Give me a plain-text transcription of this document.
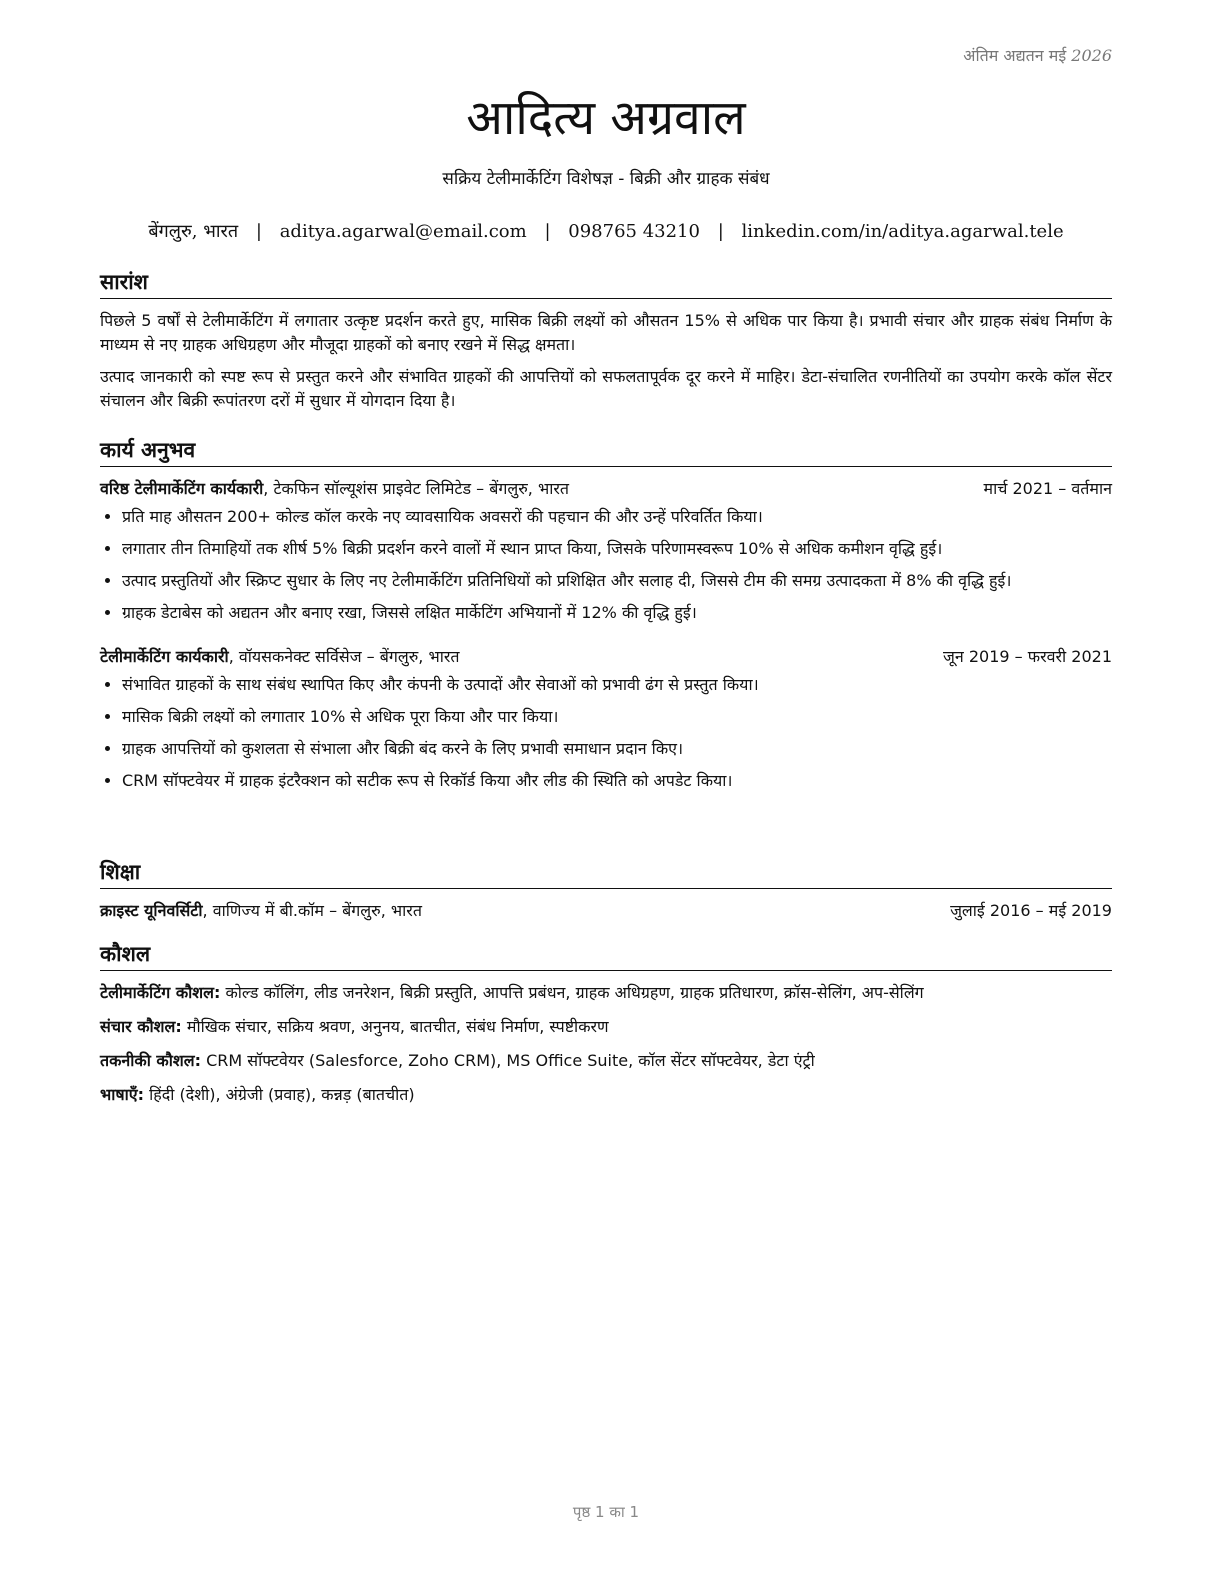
अंतिम अद्यतन मई 2026
आदित्य अग्रवाल
सक्रिय टेलीमार्केटिंग विशेषज्ञ - बिक्री और ग्राहक संबंध
बेंगलुरु, भारत | aditya.agarwal@email.com | 098765 43210 | linkedin.com/in/aditya.agarwal.tele
सारांश

पिछले 5 वर्षों से टेलीमार्केटिंग में लगातार उत्कृष्ट प्रदर्शन करते हुए, मासिक बिक्री लक्ष्यों को औसतन 15% से अधिक पार किया है। प्रभावी संचार और ग्राहक संबंध निर्माण के माध्यम से नए ग्राहक अधिग्रहण और मौजूदा ग्राहकों को बनाए रखने में सिद्ध क्षमता।

उत्पाद जानकारी को स्पष्ट रूप से प्रस्तुत करने और संभावित ग्राहकों की आपत्तियों को सफलतापूर्वक दूर करने में माहिर। डेटा-संचालित रणनीतियों का उपयोग करके कॉल सेंटर संचालन और बिक्री रूपांतरण दरों में सुधार में योगदान दिया है।

कार्य अनुभव
वरिष्ठ टेलीमार्केटिंग कार्यकारी, टेकफिन सॉल्यूशंस प्राइवेट लिमिटेड – बेंगलुरु, भारत	मार्च 2021 – वर्तमान
• प्रति माह औसतन 200+ कोल्ड कॉल करके नए व्यावसायिक अवसरों की पहचान की और उन्हें परिवर्तित किया।
• लगातार तीन तिमाहियों तक शीर्ष 5% बिक्री प्रदर्शन करने वालों में स्थान प्राप्त किया, जिसके परिणामस्वरूप 10% से अधिक कमीशन वृद्धि हुई।
• उत्पाद प्रस्तुतियों और स्क्रिप्ट सुधार के लिए नए टेलीमार्केटिंग प्रतिनिधियों को प्रशिक्षित और सलाह दी, जिससे टीम की समग्र उत्पादकता में 8% की वृद्धि हुई।
• ग्राहक डेटाबेस को अद्यतन और बनाए रखा, जिससे लक्षित मार्केटिंग अभियानों में 12% की वृद्धि हुई।
टेलीमार्केटिंग कार्यकारी, वॉयसकनेक्ट सर्विसेज – बेंगलुरु, भारत	जून 2019 – फरवरी 2021
• संभावित ग्राहकों के साथ संबंध स्थापित किए और कंपनी के उत्पादों और सेवाओं को प्रभावी ढंग से प्रस्तुत किया।
• मासिक बिक्री लक्ष्यों को लगातार 10% से अधिक पूरा किया और पार किया।
• ग्राहक आपत्तियों को कुशलता से संभाला और बिक्री बंद करने के लिए प्रभावी समाधान प्रदान किए।
• CRM सॉफ्टवेयर में ग्राहक इंटरैक्शन को सटीक रूप से रिकॉर्ड किया और लीड की स्थिति को अपडेट किया।
शिक्षा
क्राइस्ट यूनिवर्सिटी, वाणिज्य में बी.कॉम – बेंगलुरु, भारत	जुलाई 2016 – मई 2019
कौशल
टेलीमार्केटिंग कौशल: कोल्ड कॉलिंग, लीड जनरेशन, बिक्री प्रस्तुति, आपत्ति प्रबंधन, ग्राहक अधिग्रहण, ग्राहक प्रतिधारण, क्रॉस-सेलिंग, अप-सेलिंग
संचार कौशल: मौखिक संचार, सक्रिय श्रवण, अनुनय, बातचीत, संबंध निर्माण, स्पष्टीकरण
तकनीकी कौशल: CRM सॉफ्टवेयर (Salesforce, Zoho CRM), MS Office Suite, कॉल सेंटर सॉफ्टवेयर, डेटा एंट्री
भाषाएँ: हिंदी (देशी), अंग्रेजी (प्रवाह), कन्नड़ (बातचीत)
पृष्ठ 1 का 1
